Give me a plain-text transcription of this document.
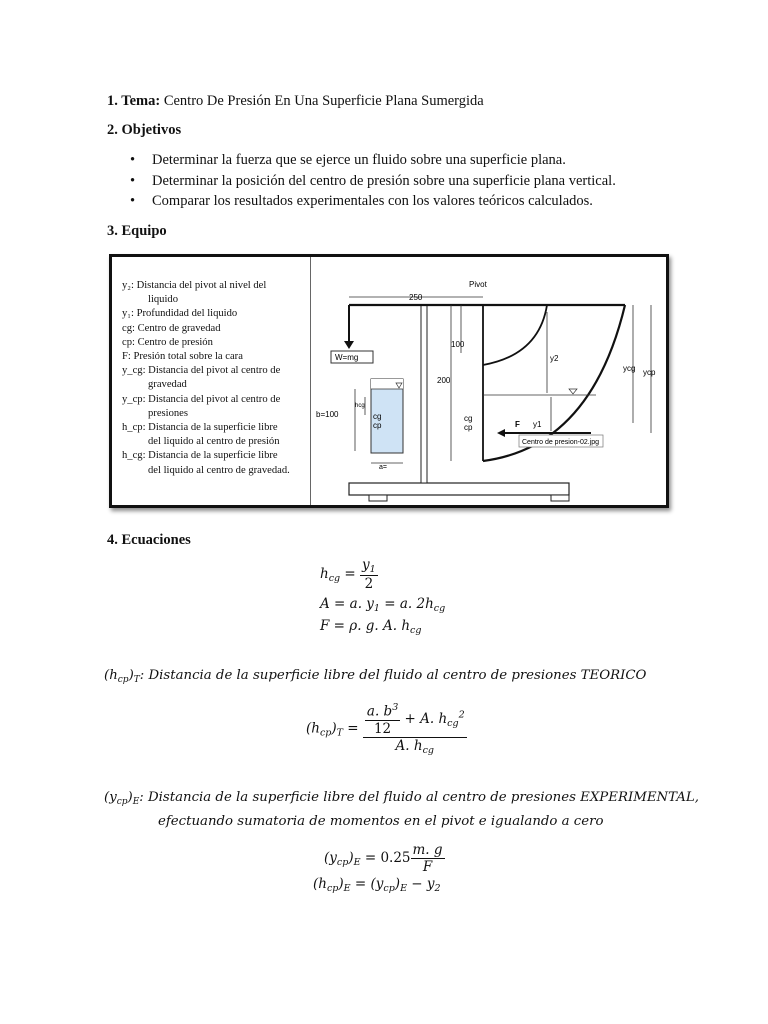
1. Tema: Centro De Presión En Una Superficie Plana Sumergida
2. Objetivos
• Determinar la fuerza que se ejerce un fluido sobre una superficie plana.
• Determinar la posición del centro de presión sobre una superficie plana vertical.
• Comparar los resultados experimentales con los valores teóricos calculados.
3. Equipo
y₂: Distancia del pivot al nivel del
liquido
y₁: Profundidad del liquido
cg: Centro de gravedad
cp: Centro de presión
F: Presión total sobre la cara
y_cg: Distancia del pivot al centro de
gravedad
y_cp: Distancia del pivot al centro de
presiones
h_cp: Distancia de la superficie libre
del liquido al centro de presión
h_cg: Distancia de la superficie libre
del liquido al centro de gravedad.
W=mg
b=100
hcg
cg
cp
a=
250
Pivot
100
200
cg
cp
y2
y1
F
ycg ycp
Centro de presion-02.jpg
4. Ecuaciones
$h_{cg} = \frac{y_1}{2}$
A = a. $y_1 = a$. $2h_{cg}$
F = ρ. g. A. $h_{cg}$
$(h_{cp})_T$: Distancia de la superficie libre del fluido al centro de presiones TEORICO
$(h_{cp})_T = \frac{\frac{a. b^3}{12} + A. h_{cg}^2}{A. h_{cg}}$
$(y_{cp})_E$: Distancia de la superficie libre del fluido al centro de presiones EXPERIMENTAL,
efectuando sumatoria de momentos en el pivot e igualando a cero
$(y_{cp})_E = 0.25 \frac{m. g}{F}$
$(h_{cp})_E = (y_{cp})_E - y_2$
